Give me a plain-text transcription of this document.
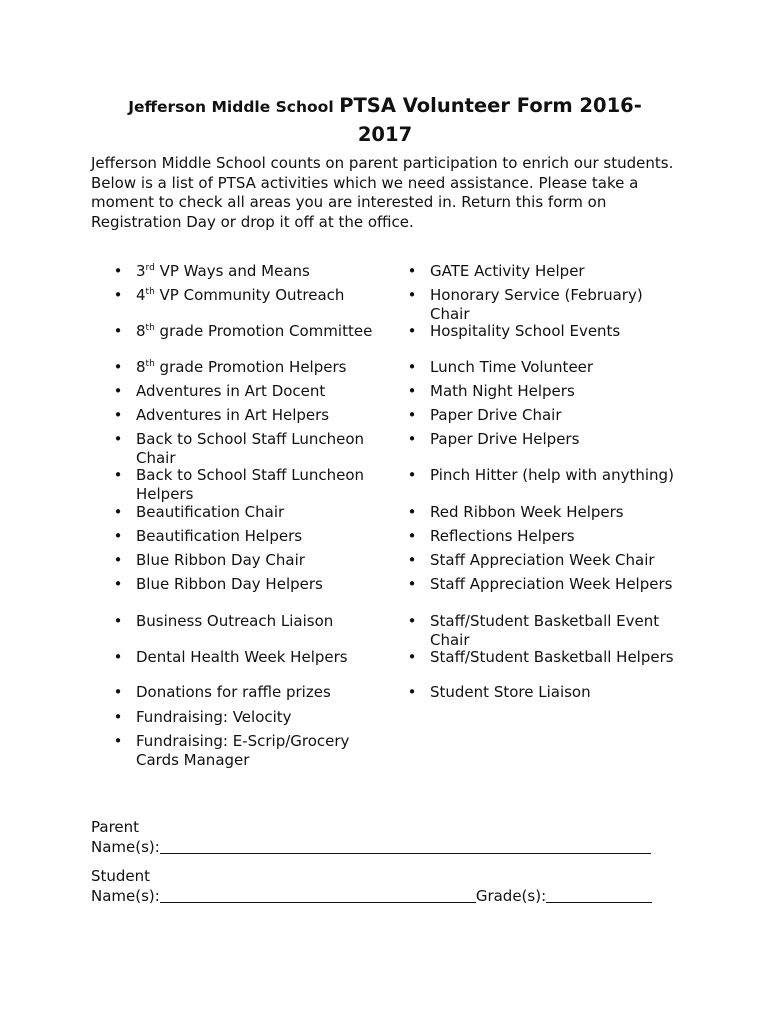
Jefferson Middle School PTSA Volunteer Form 2016-
2017

Jefferson Middle School counts on parent participation to enrich our students. Below is a list of PTSA activities which we need assistance. Please take a moment to check all areas you are interested in. Return this form on Registration Day or drop it off at the office.

• 3rd VP Ways and Means
• 4th VP Community Outreach
• 8th grade Promotion Committee
• 8th grade Promotion Helpers
• Adventures in Art Docent
• Adventures in Art Helpers
• Back to School Staff Luncheon Chair
• Back to School Staff Luncheon Helpers
• Beautification Chair
• Beautification Helpers
• Blue Ribbon Day Chair
• Blue Ribbon Day Helpers
• Business Outreach Liaison
• Dental Health Week Helpers
• Donations for raffle prizes
• Fundraising: Velocity
• Fundraising: E-Scrip/Grocery Cards Manager
• GATE Activity Helper
• Honorary Service (February) Chair
• Hospitality School Events
• Lunch Time Volunteer
• Math Night Helpers
• Paper Drive Chair
• Paper Drive Helpers
• Pinch Hitter (help with anything)
• Red Ribbon Week Helpers
• Reflections Helpers
• Staff Appreciation Week Chair
• Staff Appreciation Week Helpers
• Staff/Student Basketball Event Chair
• Staff/Student Basketball Helpers
• Student Store Liaison
Parent
Name(s):
Student
Name(s):	Grade(s):
